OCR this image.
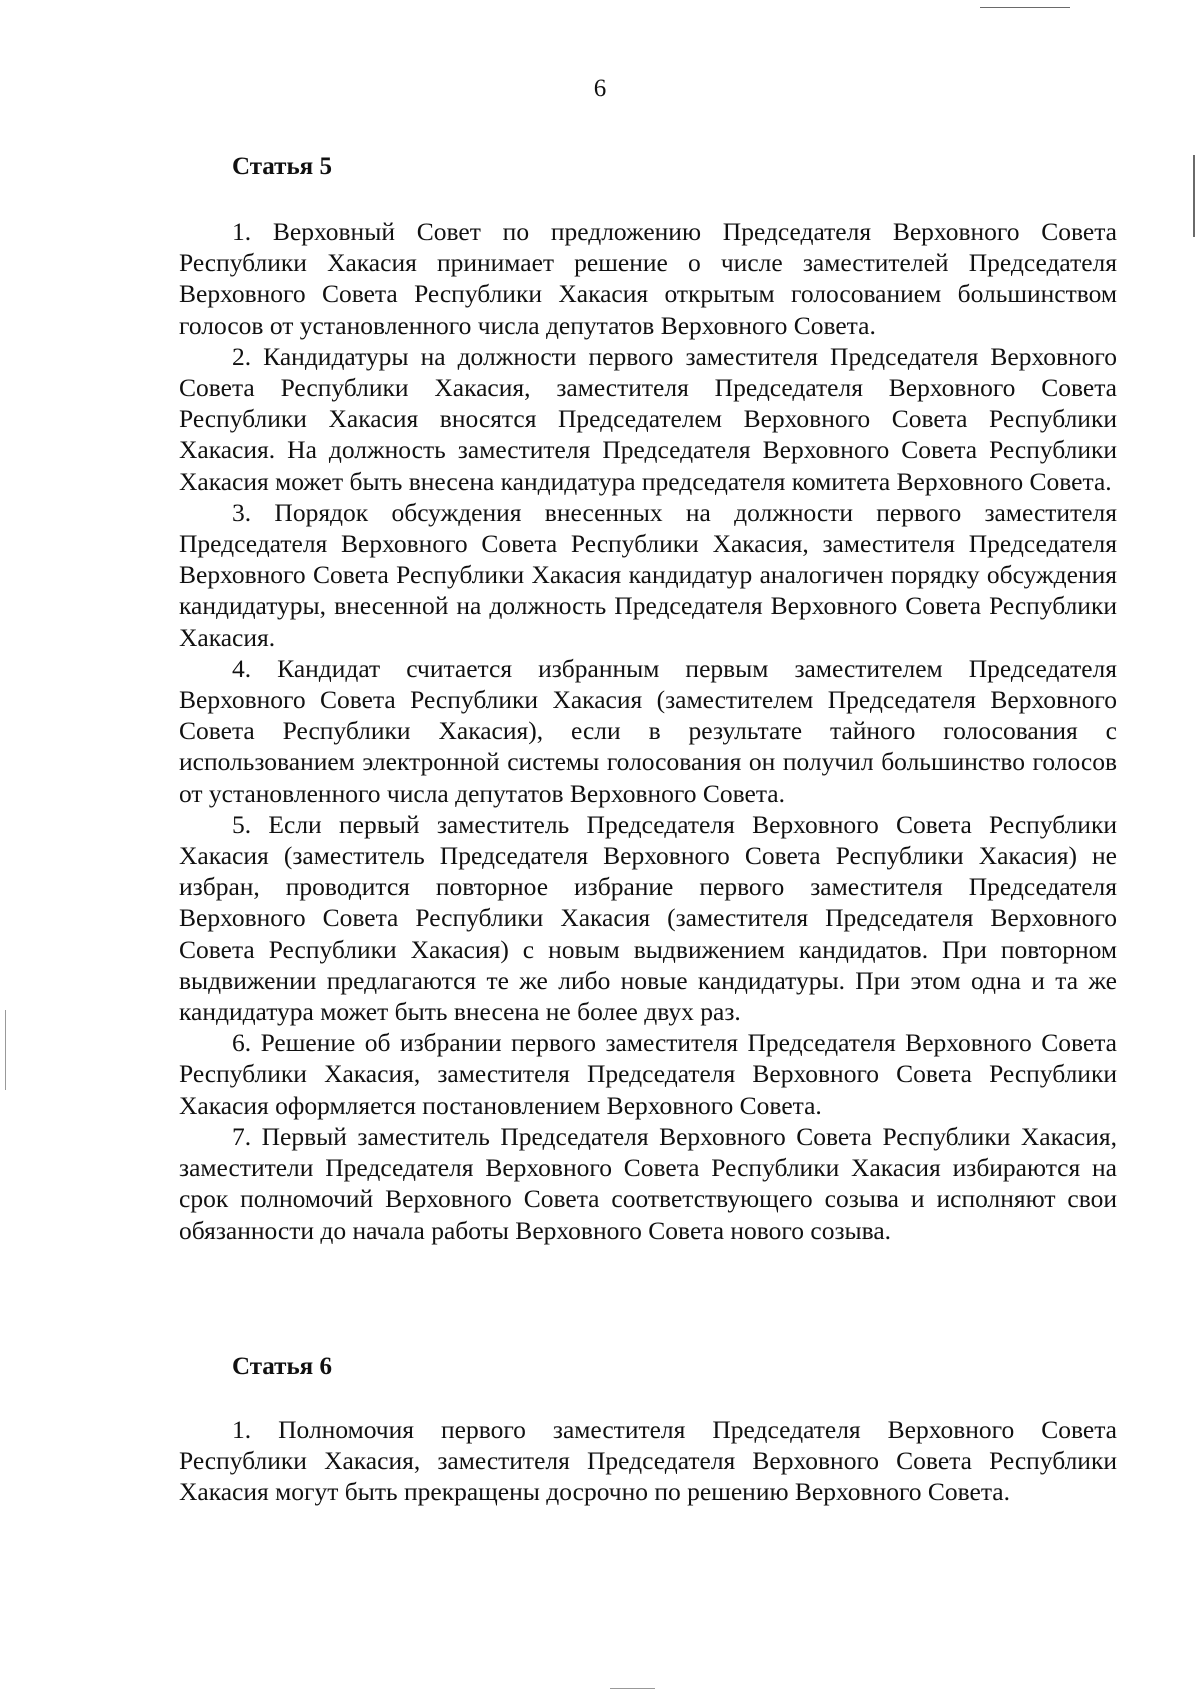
6
Статья 5

1. Верховный Совет по предложению Председателя Верховного Совета Республики Хакасия принимает решение о числе заместителей Председателя Верховного Совета Республики Хакасия открытым голосованием большинством голосов от установленного числа депутатов Верховного Совета.

2. Кандидатуры на должности первого заместителя Председателя Верховного Совета Республики Хакасия, заместителя Председателя Верховного Совета Республики Хакасия вносятся Председателем Верховного Совета Республики Хакасия. На должность заместителя Председателя Верховного Совета Республики Хакасия может быть внесена кандидатура председателя комитета Верховного Совета.

3. Порядок обсуждения внесенных на должности первого заместителя Председателя Верховного Совета Республики Хакасия, заместителя Председателя Верховного Совета Республики Хакасия кандидатур аналогичен порядку обсуждения кандидатуры, внесенной на должность Председателя Верховного Совета Республики Хакасия.

4. Кандидат считается избранным первым заместителем Председателя Верховного Совета Республики Хакасия (заместителем Председателя Верховного Совета Республики Хакасия), если в результате тайного голосования с использованием электронной системы голосования он получил большинство голосов от установленного числа депутатов Верховного Совета.

5. Если первый заместитель Председателя Верховного Совета Республики Хакасия (заместитель Председателя Верховного Совета Республики Хакасия) не избран, проводится повторное избрание первого заместителя Председателя Верховного Совета Республики Хакасия (заместителя Председателя Верховного Совета Республики Хакасия) с новым выдвижением кандидатов. При повторном выдвижении предлагаются те же либо новые кандидатуры. При этом одна и та же кандидатура может быть внесена не более двух раз.

6. Решение об избрании первого заместителя Председателя Верховного Совета Республики Хакасия, заместителя Председателя Верховного Совета Республики Хакасия оформляется постановлением Верховного Совета.

7. Первый заместитель Председателя Верховного Совета Республики Хакасия, заместители Председателя Верховного Совета Республики Хакасия избираются на срок полномочий Верховного Совета соответствующего созыва и исполняют свои обязанности до начала работы Верховного Совета нового созыва.

Статья 6

1. Полномочия первого заместителя Председателя Верховного Совета Республики Хакасия, заместителя Председателя Верховного Совета Республики Хакасия могут быть прекращены досрочно по решению Верховного Совета.
